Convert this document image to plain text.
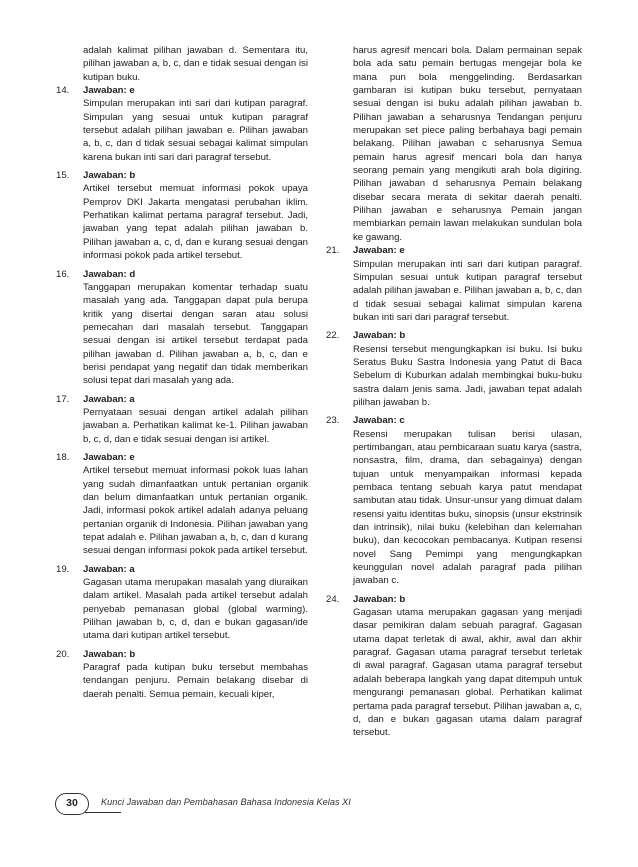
adalah kalimat pilihan jawaban d. Sementara itu, pilihan jawaban a, b, c, dan e tidak sesuai dengan isi kutipan buku.

14.	Jawaban: e

Simpulan merupakan inti sari dari kutipan paragraf. Simpulan yang sesuai untuk kutipan paragraf tersebut adalah pilihan jawaban e. Pilihan jawaban a, b, c, dan d tidak sesuai sebagai kalimat simpulan karena bukan inti sari dari paragraf tersebut.

15.	Jawaban: b

Artikel tersebut memuat informasi pokok upaya Pemprov DKI Jakarta mengatasi perubahan iklim. Perhatikan kalimat pertama paragraf tersebut. Jadi, jawaban yang tepat adalah pilihan jawaban b. Pilihan jawaban a, c, d, dan e kurang sesuai dengan informasi pokok pada artikel tersebut.

16.	Jawaban: d

Tanggapan merupakan komentar terhadap suatu masalah yang ada. Tanggapan dapat pula berupa kritik yang disertai dengan saran atau solusi pemecahan dari masalah tersebut. Tanggapan sesuai dengan isi artikel tersebut terdapat pada pilihan jawaban d. Pilihan jawaban a, b, c, dan e berisi pendapat yang negatif dan tidak memberikan solusi tepat dari masalah yang ada.

17.	Jawaban: a

Pernyataan sesuai dengan artikel adalah pilihan jawaban a. Perhatikan kalimat ke-1. Pilihan jawaban b, c, d, dan e tidak sesuai dengan isi artikel.

18.	Jawaban: e

Artikel tersebut memuat informasi pokok luas lahan yang sudah dimanfaatkan untuk pertanian organik dan belum dimanfaatkan untuk pertanian organik. Jadi, informasi pokok artikel adalah adanya peluang pertanian organik di Indonesia. Pilihan jawaban yang tepat adalah e. Pilihan jawaban a, b, c, dan d kurang sesuai dengan informasi pokok pada artikel tersebut.

19.	Jawaban: a

Gagasan utama merupakan masalah yang diuraikan dalam artikel. Masalah pada artikel tersebut adalah penyebab pemanasan global (global warming). Pilihan jawaban b, c, d, dan e bukan gagasan/ide utama dari kutipan artikel tersebut.

20.	Jawaban: b

Paragraf pada kutipan buku tersebut membahas tendangan penjuru. Pemain belakang disebar di daerah penalti. Semua pemain, kecuali kiper,

harus agresif mencari bola. Dalam permainan sepak bola ada satu pemain bertugas mengejar bola ke mana pun bola menggelinding. Berdasarkan gambaran isi kutipan buku tersebut, pernyataan sesuai dengan isi buku adalah pilihan jawaban b. Pilihan jawaban a seharusnya Tendangan penjuru merupakan set piece paling berbahaya bagi pemain belakang. Pilihan jawaban c seharusnya Semua pemain harus agresif mencari bola dan hanya seorang pemain yang mengikuti arah bola digiring. Pilihan jawaban d seharusnya Pemain belakang disebar secara merata di sekitar daerah penalti. Pilihan jawaban e seharusnya Pemain jangan membiarkan pemain lawan melakukan sundulan bola ke gawang.

21.	Jawaban: e

Simpulan merupakan inti sari dari kutipan paragraf. Simpulan sesuai untuk kutipan paragraf tersebut adalah pilihan jawaban e. Pilihan jawaban a, b, c, dan d tidak sesuai sebagai kalimat simpulan karena bukan inti sari dari paragraf tersebut.

22.	Jawaban: b

Resensi tersebut mengungkapkan isi buku. Isi buku Seratus Buku Sastra Indonesia yang Patut di Baca Sebelum di Kuburkan adalah membingkai buku-buku sastra dalam jenis sama. Jadi, jawaban tepat adalah pilihan jawaban b.

23.	Jawaban: c

Resensi merupakan tulisan berisi ulasan, pertimbangan, atau pembicaraan suatu karya (sastra, nonsastra, film, drama, dan sebagainya) dengan tujuan untuk menyampaikan informasi kepada pembaca tentang sebuah karya patut mendapat sambutan atau tidak. Unsur-unsur yang dimuat dalam resensi yaitu identitas buku, sinopsis (unsur ekstrinsik dan intrinsik), nilai buku (kelebihan dan kelemahan buku), dan kecocokan pembacanya. Kutipan resensi novel Sang Pemimpi yang mengungkapkan keunggulan novel adalah paragraf pada pilihan jawaban c.

24.	Jawaban: b

Gagasan utama merupakan gagasan yang menjadi dasar pemikiran dalam sebuah paragraf. Gagasan utama dapat terletak di awal, akhir, awal dan akhir paragraf. Gagasan utama paragraf tersebut terletak di awal paragraf. Gagasan utama paragraf tersebut adalah beberapa langkah yang dapat ditempuh untuk mengurangi pemanasan global. Perhatikan kalimat pertama pada paragraf tersebut. Pilihan jawaban a, c, d, dan e bukan gagasan utama dalam paragraf tersebut.

30	Kunci Jawaban dan Pembahasan Bahasa Indonesia Kelas XI
